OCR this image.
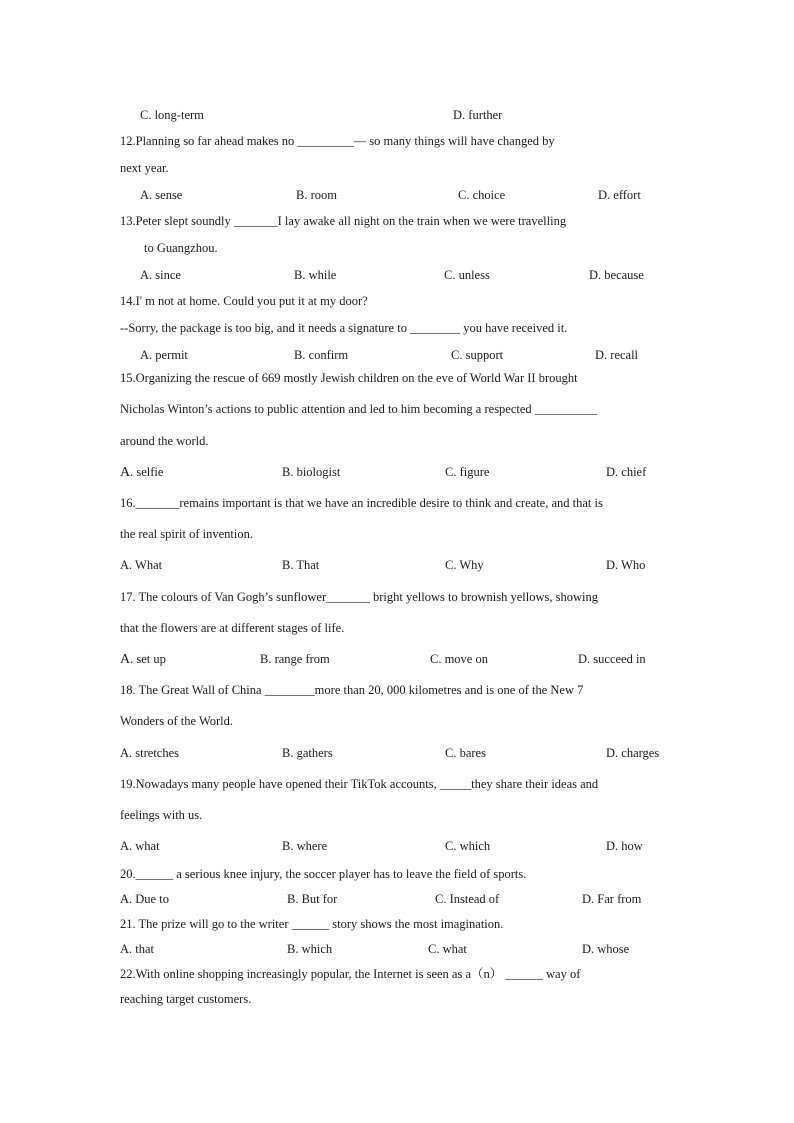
C. long-term	D. further
12.Planning so far ahead makes no _________— so many things will have changed by
next year.
A. sense	B. room	C. choice	D. effort
13.Peter slept soundly _______I lay awake all night on the train when we were travelling
to Guangzhou.
A. since	B. while	C. unless	D. because
14.I' m not at home. Could you put it at my door?
--Sorry, the package is too big, and it needs a signature to ________ you have received it.
A. permit	B. confirm	C. support	D. recall
15.Organizing the rescue of 669 mostly Jewish children on the eve of World War II brought
Nicholas Winton’s actions to public attention and led to him becoming a respected __________
around the world.
A. selfie	B. biologist	C. figure	D. chief
16._______remains important is that we have an incredible desire to think and create, and that is
the real spirit of invention.
A. What	B. That	C. Why	D. Who
17. The colours of Van Gogh’s sunflower_______ bright yellows to brownish yellows, showing
that the flowers are at different stages of life.
A. set up	B. range from	C. move on	D. succeed in
18. The Great Wall of China ________more than 20, 000 kilometres and is one of the New 7
Wonders of the World.
A. stretches	B. gathers	C. bares	D. charges
19.Nowadays many people have opened their TikTok accounts, _____they share their ideas and
feelings with us.
A. what	B. where	C. which	D. how
20.______ a serious knee injury, the soccer player has to leave the field of sports.
A. Due to	B. But for	C. Instead of	D. Far from
21. The prize will go to the writer ______ story shows the most imagination.
A. that	B. which	C. what	D. whose
22.With online shopping increasingly popular, the Internet is seen as a（n） ______ way of
reaching target customers.
